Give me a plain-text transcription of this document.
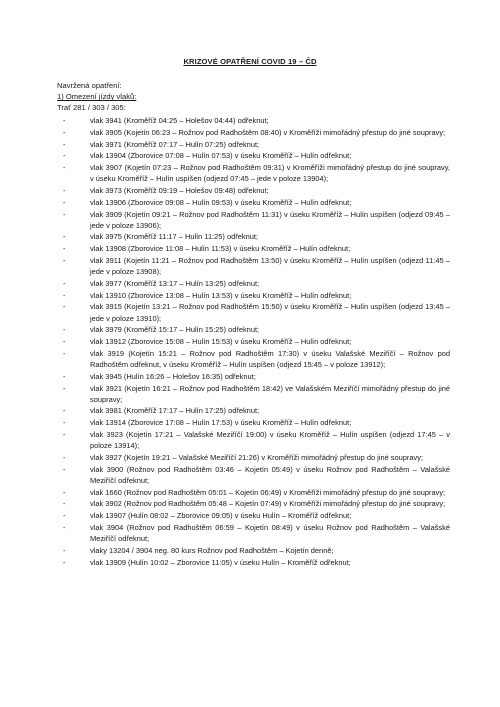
KRIZOVÉ OPATŘENÍ COVID 19 – ČD
Navržená opatření:
1) Omezení jízdy vlaků:
Trať 281 / 303 / 305:
-	vlak 3941 (Kroměříž 04:25 – Holešov 04:44) odřeknut;
-	vlak 3905 (Kojetín 06:23 – Rožnov pod Radhoštěm 08:40) v Kroměříži mimořádný přestup do jiné soupravy;
-	vlak 3971 (Kroměříž 07:17 – Hulín 07:25) odřeknut;
-	vlak 13904 (Zborovice 07:08 – Hulín 07:53) v úseku Kroměříž – Hulín odřeknut;
-	vlak 3907 (Kojetín 07:23 – Rožnov pod Radhoštěm 09:31) v Kroměříži mimořádný přestup do jiné soupravy, v úseku Kroměříž – Hulín uspíšen (odjezd 07:45 – jede v poloze 13904);
-	vlak 3973 (Kroměříž 09:19 – Holešov 09:48) odřeknut;
-	vlak 13906 (Zborovice 09:08 – Hulín 09:53) v úseku Kroměříž – Hulín odřeknut;
-	vlak 3909 (Kojetín 09:21 – Rožnov pod Radhoštěm 11:31) v úseku Kroměříž – Hulín uspíšen (odjezd 09:45 – jede v poloze 13906);
-	vlak 3975 (Kroměříž 11:17 – Hulín 11:25) odřeknut;
-	vlak 13908 (Zborovice 11:08 – Hulín 11:53) v úseku Kroměříž – Hulín odřeknut;
-	vlak 3911 (Kojetín 11:21 – Rožnov pod Radhoštěm 13:50) v úseku Kroměříž – Hulín uspíšen (odjezd 11:45 – jede v poloze 13908);
-	vlak 3977 (Kroměříž 13:17 – Hulín 13:25) odřeknut;
-	vlak 13910 (Zborovice 13:08 – Hulín 13:53) v úseku Kroměříž – Hulín odřeknut;
-	vlak 3915 (Kojetín 13:21 – Rožnov pod Radhoštěm 15:50) v úseku Kroměříž – Hulín uspíšen (odjezd 13:45 – jede v poloze 13910);
-	vlak 3979 (Kroměříž 15:17 – Hulín 15:25) odřeknut;
-	vlak 13912 (Zborovice 15:08 – Hulín 15:53) v úseku Kroměříž – Hulín odřeknut;
-	vlak 3919 (Kojetín 15:21 – Rožnov pod Radhoštěm 17:30) v úseku Valašské Meziříčí – Rožnov pod Radhoštěm odřeknut, v úseku Kroměříž – Hulín uspíšen (odjezd 15:45 – v poloze 13912);
-	vlak 3945 (Hulín 16:26 – Holešov 16:35) odřeknut;
-	vlak 3921 (Kojetín 16:21 – Rožnov pod Radhoštěm 18:42) ve Valašském Meziříčí mimořádný přestup do jiné soupravy;
-	vlak 3981 (Kroměříž 17:17 – Hulín 17:25) odřeknut;
-	vlak 13914 (Zborovice 17:08 – Hulín 17:53) v úseku Kroměříž – Hulín odřeknut;
-	vlak 3923 (Kojetín 17:21 – Valašské Meziříčí 19:00) v úseku Kroměříž – Hulín uspíšen (odjezd 17:45 – v poloze 13914);
-	vlak 3927 (Kojetín 19:21 – Valašské Meziříčí 21:26) v Kroměříži mimořádný přestup do jiné soupravy;
-	vlak 3900 (Rožnov pod Radhoštěm 03:46 – Kojetín 05:49) v úseku Rožnov pod Radhoštěm – Valašské Meziříčí odřeknut;
-	vlak 1660 (Rožnov pod Radhoštěm 05:01 – Kojetín 06:49) v Kroměříži mimořádný přestup do jiné soupravy;
-	vlak 3902 (Rožnov pod Radhoštěm 05:48 – Kojetín 07:49) v Kroměříži mimořádný přestup do jiné soupravy;
-	vlak 13907 (Hulín 08:02 – Zborovice 09:05) v úseku Hulín – Kroměříž odřeknut;
-	vlak 3904 (Rožnov pod Radhoštěm 06:59 – Kojetín 08:49) v úseku Rožnov pod Radhoštěm – Valašské Meziříčí odřeknut;
-	vlaky 13204 / 3904 neg. 80 kurs Rožnov pod Radhoštěm – Kojetín denně;
-	vlak 13909 (Hulín 10:02 – Zborovice 11:05) v úseku Hulín – Kroměříž odřeknut;
